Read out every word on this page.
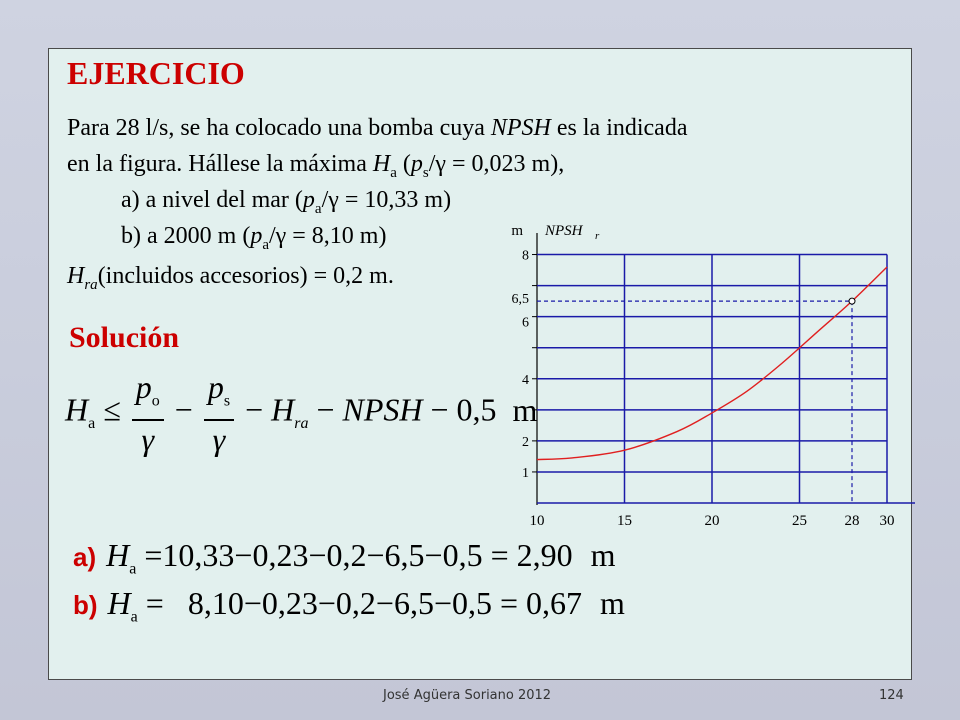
EJERCICIO
Para 28 l/s, se ha colocado una bomba cuya NPSH es la indicada
en la figura. Hállese la máxima $H_a$ ($p_s/\gamma = 0,023$ m),
a) a nivel del mar ($p_a/\gamma = 10,33$ m)
b) a 2000 m ($p_a/\gamma = 8,10$ m)
$H_{ra}(incluidos$ accesorios) = 0,2 m.
Solución
$H_a \le \frac{p_o}{\gamma} - \frac{p_s}{\gamma} - H_{ra}$ − NPSH − 0,5 m
a) $H_a =10,33-0,23-0,2-6,5-0,5 = 2,90$ m
b) $H_a = 8,10-0,23-0,2-6,5-0,5 = 0,67$ m
10	15	20	25	28 30
1
2
4
6
6,5
8
m NPSH r
José Agüera Soriano 2012	124
